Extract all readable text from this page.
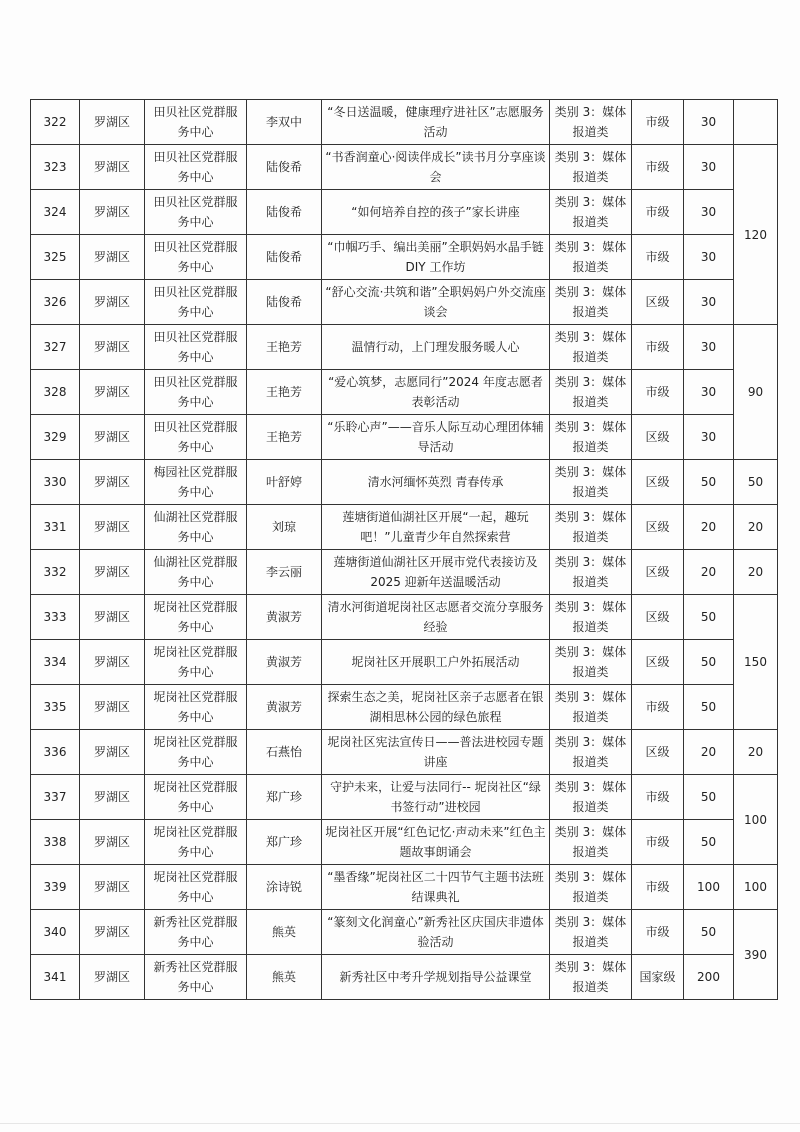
322	罗湖区	田贝社区党群服务中心	李双中	“冬日送温暖，健康理疗进社区”志愿服务活动	类别 3：媒体报道类	市级	30	
323	罗湖区	田贝社区党群服务中心	陆俊希	“书香润童心·阅读伴成长”读书月分享座谈会	类别 3：媒体报道类	市级	30	120
324	罗湖区	田贝社区党群服务中心	陆俊希	“如何培养自控的孩子”家长讲座	类别 3：媒体报道类	市级	30	
325	罗湖区	田贝社区党群服务中心	陆俊希	“巾帼巧手、编出美丽”全职妈妈水晶手链 DIY 工作坊	类别 3：媒体报道类	市级	30	
326	罗湖区	田贝社区党群服务中心	陆俊希	“舒心交流·共筑和谐”全职妈妈户外交流座谈会	类别 3：媒体报道类	区级	30	
327	罗湖区	田贝社区党群服务中心	王艳芳	温情行动，上门理发服务暖人心	类别 3：媒体报道类	市级	30	90
328	罗湖区	田贝社区党群服务中心	王艳芳	“爱心筑梦，志愿同行”2024 年度志愿者表彰活动	类别 3：媒体报道类	市级	30	
329	罗湖区	田贝社区党群服务中心	王艳芳	“乐聆心声”——音乐人际互动心理团体辅导活动	类别 3：媒体报道类	区级	30	
330	罗湖区	梅园社区党群服务中心	叶舒婷	清水河缅怀英烈 青春传承	类别 3：媒体报道类	区级	50	50
331	罗湖区	仙湖社区党群服务中心	刘琼	莲塘街道仙湖社区开展“一起，趣玩吧！”儿童青少年自然探索营	类别 3：媒体报道类	区级	20	20
332	罗湖区	仙湖社区党群服务中心	李云丽	莲塘街道仙湖社区开展市党代表接访及 2025 迎新年送温暖活动	类别 3：媒体报道类	区级	20	20
333	罗湖区	坭岗社区党群服务中心	黄淑芳	清水河街道坭岗社区志愿者交流分享服务经验	类别 3：媒体报道类	区级	50	150
334	罗湖区	坭岗社区党群服务中心	黄淑芳	坭岗社区开展职工户外拓展活动	类别 3：媒体报道类	区级	50	
335	罗湖区	坭岗社区党群服务中心	黄淑芳	探索生态之美，坭岗社区亲子志愿者在银湖相思林公园的绿色旅程	类别 3：媒体报道类	市级	50	
336	罗湖区	坭岗社区党群服务中心	石燕怡	坭岗社区宪法宣传日——普法进校园专题讲座	类别 3：媒体报道类	区级	20	20
337	罗湖区	坭岗社区党群服务中心	郑广珍	守护未来，让爱与法同行-- 坭岗社区“绿书签行动”进校园	类别 3：媒体报道类	市级	50	100
338	罗湖区	坭岗社区党群服务中心	郑广珍	坭岗社区开展“红色记忆·声动未来”红色主题故事朗诵会	类别 3：媒体报道类	市级	50	
339	罗湖区	坭岗社区党群服务中心	涂诗锐	“墨香缘”坭岗社区二十四节气主题书法班结课典礼	类别 3：媒体报道类	市级	100	100
340	罗湖区	新秀社区党群服务中心	熊英	“篆刻文化润童心”新秀社区庆国庆非遗体验活动	类别 3：媒体报道类	市级	50	390
341	罗湖区	新秀社区党群服务中心	熊英	新秀社区中考升学规划指导公益课堂	类别 3：媒体报道类	国家级	200	
